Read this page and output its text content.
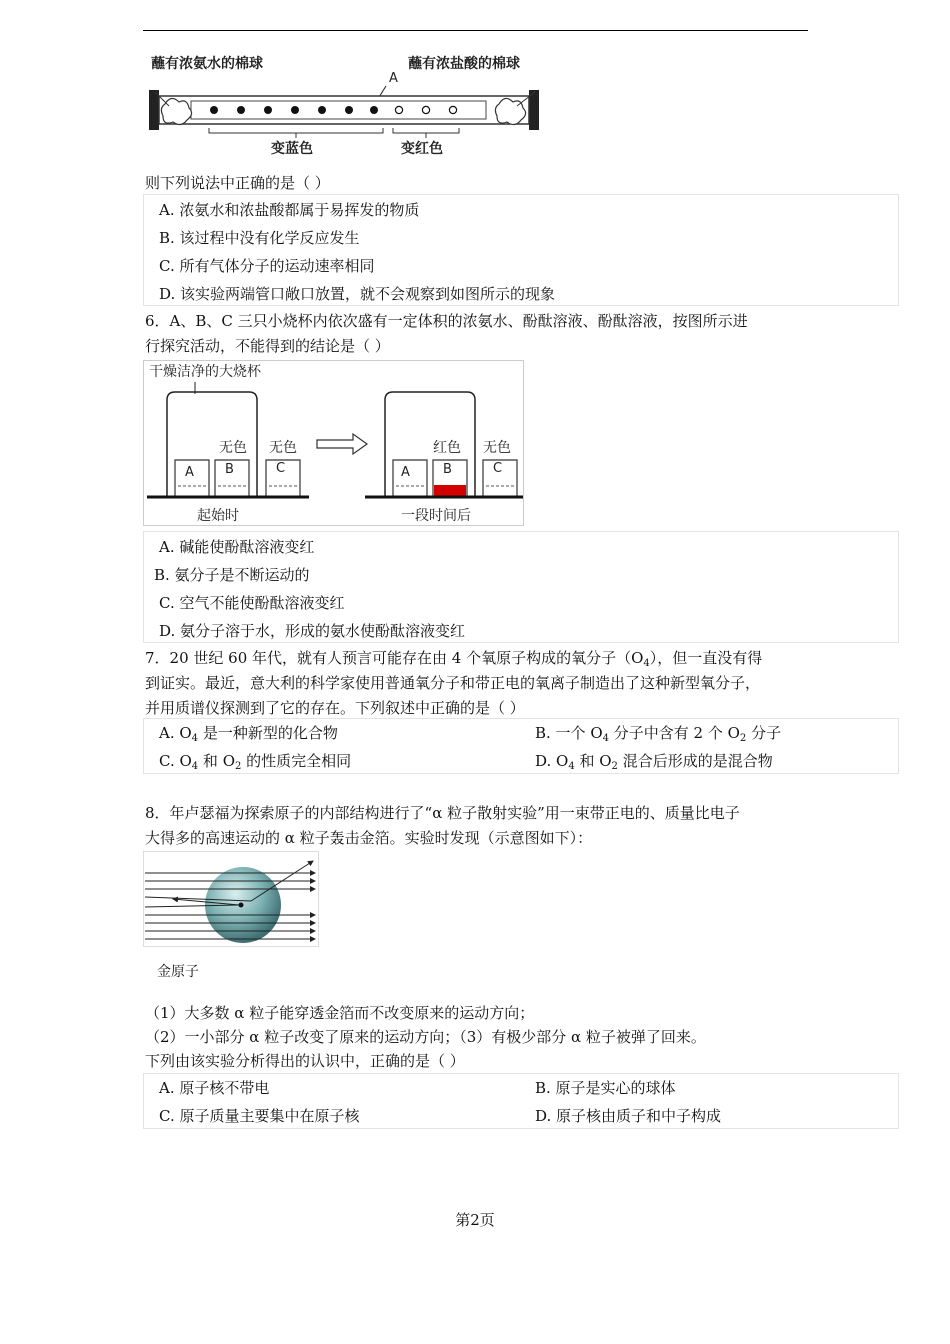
蘸有浓氨水的棉球	蘸有浓盐酸的棉球
A
变蓝色	变红色
则下列说法中正确的是（ ）
A. 浓氨水和浓盐酸都属于易挥发的物质
B. 该过程中没有化学反应发生
C. 所有气体分子的运动速率相同
D. 该实验两端管口敞口放置，就不会观察到如图所示的现象
6．A、B、C 三只小烧杯内依次盛有一定体积的浓氨水、酚酞溶液、酚酞溶液，按图所示进
行探究活动，不能得到的结论是（ ）
干燥洁净的大烧杯
A B	C
无色 无色
A	B	C
红色 无色
起始时	一段时间后
A. 碱能使酚酞溶液变红
B. 氨分子是不断运动的
C. 空气不能使酚酞溶液变红
D. 氨分子溶于水，形成的氨水使酚酞溶液变红
7．20 世纪 60 年代，就有人预言可能存在由 4 个氧原子构成的氧分子$(O_4)$，但一直没有得
到证实。最近，意大利的科学家使用普通氧分子和带正电的氧离子制造出了这种新型氧分子，
并用质谱仪探测到了它的存在。下列叙述中正确的是（ ）
A. $O_4$ 是一种新型的化合物	B. 一个 $O_4$ 分子中含有 2 个 $O_2$ 分子
C. $O_4$ 和 $O_2$ 的性质完全相同	D. $O_4$ 和 $O_2$ 混合后形成的是混合物
8．年卢瑟福为探索原子的内部结构进行了“α 粒子散射实验”用一束带正电的、质量比电子
大得多的高速运动的 α 粒子轰击金箔。实验时发现（示意图如下）：
金原子
（1）大多数 α 粒子能穿透金箔而不改变原来的运动方向；
（2）一小部分 α 粒子改变了原来的运动方向；（3）有极少部分 α 粒子被弹了回来。
下列由该实验分析得出的认识中，正确的是（ ）
A. 原子核不带电	B. 原子是实心的球体
C. 原子质量主要集中在原子核	D. 原子核由质子和中子构成
第2页
